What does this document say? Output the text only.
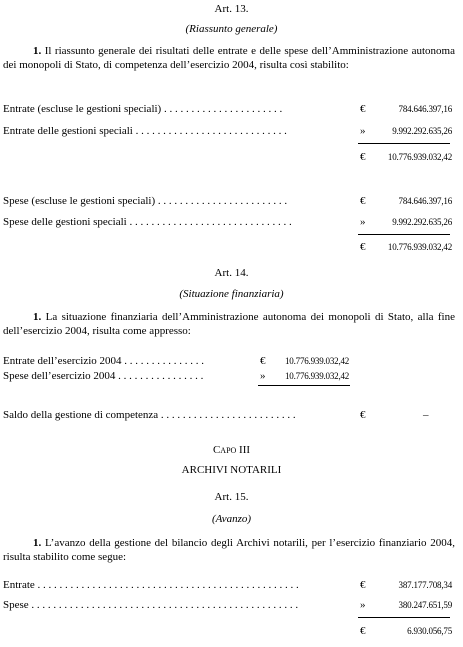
Art. 13.
(Riassunto generale)
1. Il riassunto generale dei risultati delle entrate e delle spese dell’Amministrazione autonoma dei monopoli di Stato, di competenza dell’esercizio 2004, risulta così stabilito:
Entrate (escluse le gestioni speciali) . . . . . . . . . . . . . . . . . . . . . .	€	784.646.397,16
Entrate delle gestioni speciali . . . . . . . . . . . . . . . . . . . . . . . . . . . .	»	9.992.292.635,26
€ 10.776.939.032,42
Spese (escluse le gestioni speciali) . . . . . . . . . . . . . . . . . . . . . . . .	€	784.646.397,16
Spese delle gestioni speciali . . . . . . . . . . . . . . . . . . . . . . . . . . . . . .	»	9.992.292.635,26
€ 10.776.939.032,42
Art. 14.
(Situazione finanziaria)
1. La situazione finanziaria dell’Amministrazione autonoma dei monopoli di Stato, alla fine dell’esercizio 2004, risulta come appresso:
Entrate dell’esercizio 2004 . . . . . . . . . . . . . . .	€ 10.776.939.032,42
Spese dell’esercizio 2004 . . . . . . . . . . . . . . . .	» 10.776.939.032,42
Saldo della gestione di competenza . . . . . . . . . . . . . . . . . . . . . . . . .	€	–
Capo III
ARCHIVI NOTARILI
Art. 15.
(Avanzo)
1. L’avanzo della gestione del bilancio degli Archivi notarili, per l’esercizio finanziario 2004, risulta stabilito come segue:
Entrate . . . . . . . . . . . . . . . . . . . . . . . . . . . . . . . . . . . . . . . . . . . . . . . .	€	387.177.708,34
Spese . . . . . . . . . . . . . . . . . . . . . . . . . . . . . . . . . . . . . . . . . . . . . . . . .	»	380.247.651,59
€	6.930.056,75
